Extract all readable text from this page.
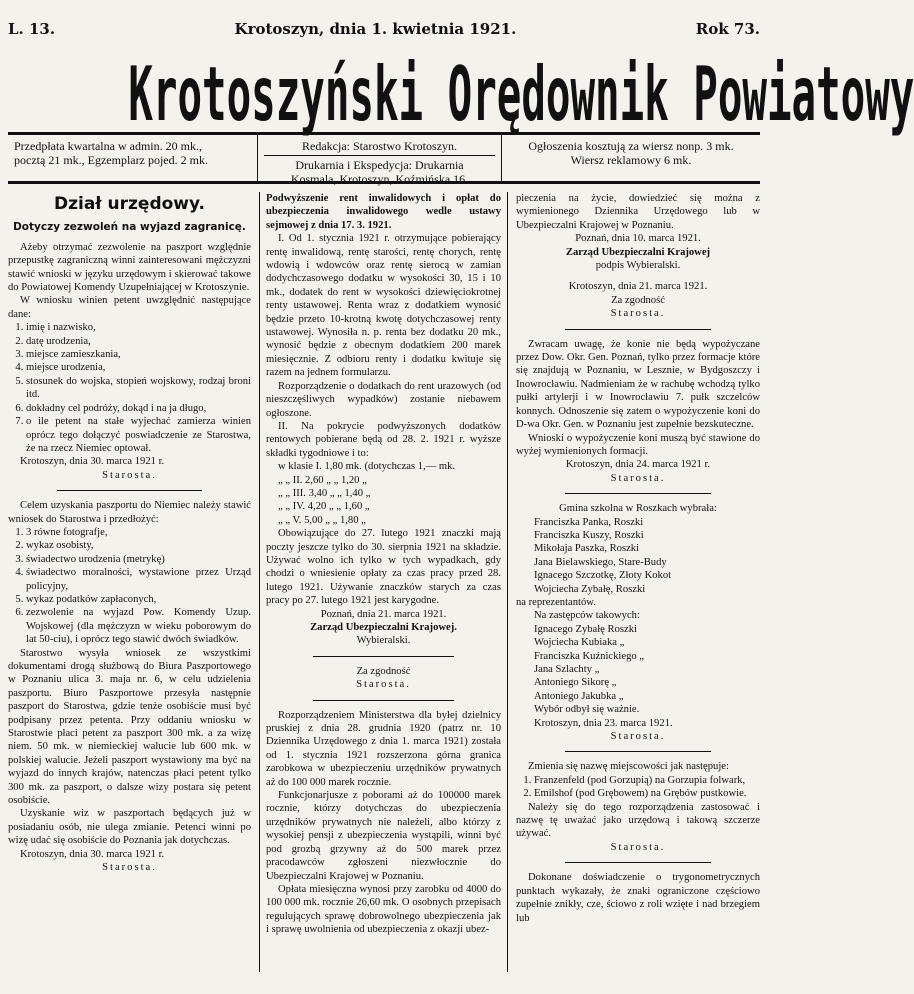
L. 13.	Krotoszyn, dnia 1. kwietnia 1921.	Rok 73.
Krotoszyński Orędownik Powiatowy
Przedpłata kwartalna w admin. 20 mk.,
pocztą 21 mk., Egzemplarz pojed. 2 mk.
Redakcja: Starostwo Krotoszyn.
Drukarnia i Ekspedycja: Drukarnia
Kosmala, Krotoszyn, Koźmińska 16.
Ogłoszenia kosztują za wiersz nonp. 3 mk.
Wiersz reklamowy 6 mk.
Dział urzędowy.
Dotyczy zezwoleń na wyjazd zagranicę.

Ażeby otrzymać zezwolenie na paszport względnie przepustkę zagraniczną winni zainteresowani mężczyzni stawić wnioski w języku urzędowym i skierować takowe do Powiatowej Komendy Uzupełniającej w Krotoszynie.

W wniosku winien petent uwzględnić następujące dane:

1. imię i nazwisko,
2. datę urodzenia,
3. miejsce zamieszkania,
4. miejsce urodzenia,
5. stosunek do wojska, stopień wojskowy, rodzaj broni itd.
6. dokładny cel podróży, dokąd i na ja długo,
7. o ile petent na stałe wyjechać zamierza winien oprócz tego dołączyć poswiadczenie ze Starostwa, że na rzecz Niemiec optował.

Krotoszyn, dnia 30. marca 1921 r.

Starosta.

Celem uzyskania paszportu do Niemiec należy stawić wniosek do Starostwa i przedłożyć:

1. 3 równe fotografje,
2. wykaz osobisty,
3. świadectwo urodzenia (metrykę)
4. świadectwo moralności, wystawione przez Urząd policyjny,
5. wykaz podatków zapłaconych,
6. zezwolenie na wyjazd Pow. Komendy Uzup. Wojskowej (dla mężczyzn w wieku poborowym do lat 50-ciu), i oprócz tego stawić dwóch świadków.

Starostwo wysyła wniosek ze wszystkimi dokumentami drogą służbową do Biura Paszportowego w Poznaniu ulica 3. maja nr. 6, w celu udzielenia paszportu. Biuro Paszportowe przesyła następnie paszport do Starostwa, gdzie tenże osobiście musi być podpisany przez petenta. Przy oddaniu wniosku w Starostwie płaci petent za paszport 300 mk. a za wizę niem. 50 mk. w niemieckiej walucie lub 600 mk. w polskiej walucie. Jeżeli paszport wystawiony ma być na wyjazd do innych krajów, natenczas płaci petent tylko 300 mk. za paszport, o dalsze wizy postara się petent osobiście.

Uzyskanie wiz w paszportach będących już w posiadaniu osób, nie ulega zmianie. Petenci winni po wizę udać się osobiście do Poznania jak dotychczas.

Krotoszyn, dnia 30. marca 1921 r.

Starosta.
Podwyższenie rent inwalidowych i opłat do ubezpieczenia inwalidowego wedle ustawy sejmowej z dnia 17. 3. 1921.

I. Od 1. stycznia 1921 r. otrzymujące pobierający rentę inwalidową, rentę starości, rentę chorych, rentę wdowią i wdowców oraz rentę sierocą w zamian dodychczasowego dodatku w wysokości 30, 15 i 10 mk., dodatek do rent w wysokości dziewięciokrotnej renty ustawowej. Renta wraz z dodatkiem wynosić będzie przeto 10-krotną kwotę dotychczasowej renty ustawowej. Wynosiła n. p. renta bez dodatku 20 mk., wynosić będzie z obecnym dodatkiem 200 marek miesięcznie. Z odbioru renty i dodatku kwituje się razem na jednem formularzu.

Rozporządzenie o dodatkach do rent urazowych (od nieszczęśliwych wypadków) zostanie niebawem ogłoszone.

II. Na pokrycie podwyższonych dodatków rentowych pobierane będą od 28. 2. 1921 r. wyższe składki tygodniowe i to:

w klasie I. 1,80 mk. (dotychczas 1,— mk.

„ „ II. 2,60 „ „ 1,20 „

„ „ III. 3,40 „ „ 1,40 „

„ „ IV. 4,20 „ „ 1,60 „

„ „ V. 5,00 „ „ 1,80 „

Obowiązujące do 27. lutego 1921 znaczki mają poczty jeszcze tylko do 30. sierpnia 1921 na składzie. Używać wolno ich tylko w tych wypadkach, gdy chodzi o wniesienie opłaty za czas pracy przed 28. lutego 1921. Używanie znaczków starych za czas pracy po 27. lutego 1921 jest karygodne.

Poznań, dnia 21. marca 1921.
Zarząd Ubezpieczalni Krajowej.
Wybieralski.
Za zgodność
Starosta.

Rozporządzeniem Ministerstwa dla byłej dzielnicy pruskiej z dnia 28. grudnia 1920 (patrz nr. 10 Dziennika Urzędowego z dnia 1. marca 1921) została od 1. stycznia 1921 rozszerzona górna granica zarobkowa w ubezpieczeniu urzędników prywatnych aż do 100 000 marek rocznie.

Funkcjonarjusze z poborami aż do 100000 marek rocznie, którzy dotychczas do ubezpieczenia urzędników prywatnych nie należeli, albo którzy z wysokiej pensji z ubezpieczenia wystąpili, winni być pod grozbą grzywny aż do 500 marek przez pracodawców zgłoszeni niezwłocznie do Ubezpieczalni Krajowej w Poznaniu.

Opłata miesięczna wynosi przy zarobku od 4000 do 100 000 mk. rocznie 26,60 mk. O osobnych przepisach regulujących sprawę dobrowolnego ubezpieczenia jak i sprawę uwolnienia od ubezpieczenia z okazji ubez-

pieczenia na życie, dowiedzieć się można z wymienionego Dziennika Urzędowego lub w Ubezpieczalni Krajowej w Poznaniu.

Poznań, dnia 10. marca 1921.
Zarząd Ubezpieczalni Krajowej
podpis Wybieralski.
Krotoszyn, dnia 21. marca 1921.
Za zgodność
Starosta.

Zwracam uwagę, że konie nie będą wypożyczane przez Dow. Okr. Gen. Poznań, tylko przez formacje które się znajdują w Poznaniu, w Lesznie, w Bydgoszczy i Inowrocławiu. Nadmieniam że w rachubę wchodzą tylko pułki artylerji i w Inowrocławiu 7. pułk szczelców konnych. Odnoszenie się zatem o wypożyczenie koni do D-wa Okr. Gen. w Poznaniu jest zupełnie bezskuteczne.

Wnioski o wypożyczenie koni muszą być stawione do wyżej wymienionych formacji.

Krotoszyn, dnia 24. marca 1921 r.
Starosta.
Gmina szkolna w Roszkach wybrała:
Franciszka Panka, Roszki
Franciszka Kuszy, Roszki
Mikołaja Paszka, Roszki
Jana Bielawskiego, Stare-Budy
Ignacego Szczotkę, Złoty Kokot
Wojciecha Zybałę, Roszki
na reprezentantów.
Na zastępców takowych:
Ignacego Zybałę Roszki
Wojciecha Kubiaka „
Franciszka Kuźnickiego „
Jana Szlachty „
Antoniego Sikorę „
Antoniego Jakubka „
Wybór odbył się ważnie.
Krotoszyn, dnia 23. marca 1921.
Starosta.

Zmienia się nazwę miejscowości jak następuje:

1. Franzenfeld (pod Gorzupią) na Gorzupia folwark,
2. Emilshof (pod Grębowem) na Grębów pustkowie.

Należy się do tego rozporządzenia zastosować i nazwę tę uważać jako urzędową i takową szczerze używać.

Starosta.

Dokonane doświadczenie o trygonometrycznych punktach wykazały, że znaki ograniczone częściowo zupełnie znikły, cze, ściowo z roli wzięte i nad brzegiem lub
